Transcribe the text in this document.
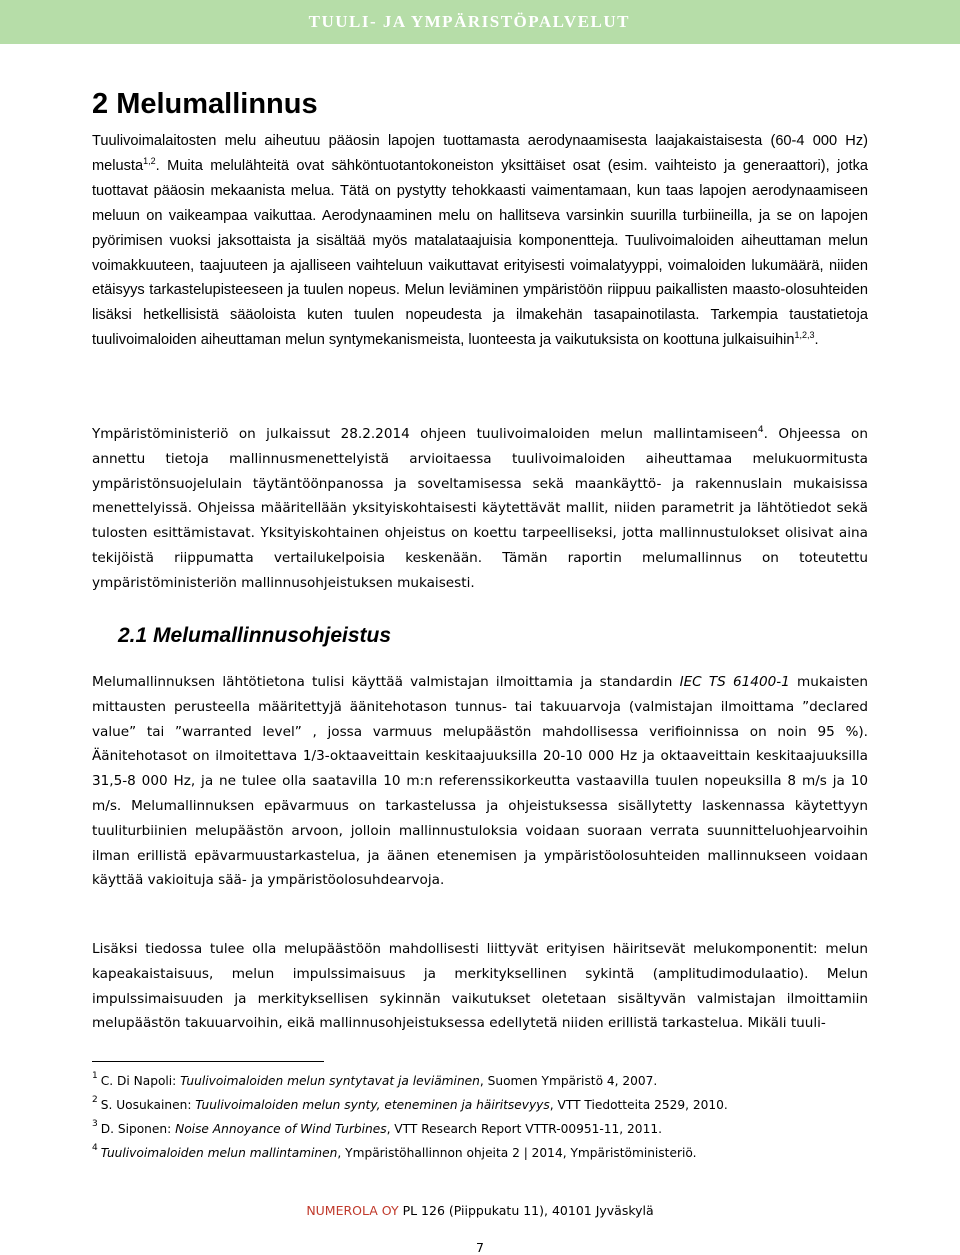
TUULI- JA YMPÄRISTÖPALVELUT
2 Melumallinnus

Tuulivoimalaitosten melu aiheutuu pääosin lapojen tuottamasta aerodynaamisesta laajakaistaisesta (60-4 000 Hz) melusta$^{1,2}$. Muita melulähteitä ovat sähköntuotantokoneiston yksittäiset osat (esim. vaihteisto ja generaattori), jotka tuottavat pääosin mekaanista melua. Tätä on pystytty tehokkaasti vaimentamaan, kun taas lapojen aerodynaamiseen meluun on vaikeampaa vaikuttaa. Aerodynaaminen melu on hallitseva varsinkin suurilla turbiineilla, ja se on lapojen pyörimisen vuoksi jaksottaista ja sisältää myös matalataajuisia komponentteja. Tuulivoimaloiden aiheuttaman melun voimakkuuteen, taajuuteen ja ajalliseen vaihteluun vaikuttavat erityisesti voimalatyyppi, voimaloiden lukumäärä, niiden etäisyys tarkastelupisteeseen ja tuulen nopeus. Melun leviäminen ympäristöön riippuu paikallisten maasto-olosuhteiden lisäksi hetkellisistä sääoloista kuten tuulen nopeudesta ja ilmakehän tasapainotilasta. Tarkempia taustatietoja tuulivoimaloiden aiheuttaman melun syntymekanismeista, luonteesta ja vaikutuksista on koottuna julkaisuihin$^{1,2,3}$.

Ympäristöministeriö on julkaissut 28.2.2014 ohjeen tuulivoimaloiden melun mallintamiseen$^4$. Ohjeessa on annettu tietoja mallinnusmenettelyistä arvioitaessa tuulivoimaloiden aiheuttamaa melukuormitusta ympäristönsuojelulain täytäntöönpanossa ja soveltamisessa sekä maankäyttö- ja rakennuslain mukaisissa menettelyissä. Ohjeissa määritellään yksityiskohtaisesti käytettävät mallit, niiden parametrit ja lähtötiedot sekä tulosten esittämistavat. Yksityiskohtainen ohjeistus on koettu tarpeelliseksi, jotta mallinnustulokset olisivat aina tekijöistä riippumatta vertailukelpoisia keskenään. Tämän raportin melumallinnus on toteutettu ympäristöministeriön mallinnusohjeistuksen mukaisesti.

2.1 Melumallinnusohjeistus

Melumallinnuksen lähtötietona tulisi käyttää valmistajan ilmoittamia ja standardin IEC TS 61400-1 mukaisten mittausten perusteella määritettyjä äänitehotason tunnus- tai takuuarvoja (valmistajan ilmoittama ”declared value” tai ”warranted level” , jossa varmuus melupäästön mahdollisessa verifioinnissa on noin 95 %). Äänitehotasot on ilmoitettava 1/3-oktaaveittain keskitaajuuksilla 20-10 000 Hz ja oktaaveittain keskitaajuuksilla 31,5-8 000 Hz, ja ne tulee olla saatavilla 10 m:n referenssikorkeutta vastaavilla tuulen nopeuksilla 8 m/s ja 10 m/s. Melumallinnuksen epävarmuus on tarkastelussa ja ohjeistuksessa sisällytetty laskennassa käytettyyn tuuliturbiinien melupäästön arvoon, jolloin mallinnustuloksia voidaan suoraan verrata suunnitteluohjearvoihin ilman erillistä epävarmuustarkastelua, ja äänen etenemisen ja ympäristöolosuhteiden mallinnukseen voidaan käyttää vakioituja sää- ja ympäristöolosuhdearvoja.

Lisäksi tiedossa tulee olla melupäästöön mahdollisesti liittyvät erityisen häiritsevät melukomponentit: melun kapeakaistaisuus, melun impulssimaisuus ja merkityksellinen sykintä (amplitudimodulaatio). Melun impulssimaisuuden ja merkityksellisen sykinnän vaikutukset oletetaan sisältyvän valmistajan ilmoittamiin melupäästön takuuarvoihin, eikä mallinnusohjeistuksessa edellytetä niiden erillistä tarkastelua. Mikäli tuuli-

$^1$ C. Di Napoli: Tuulivoimaloiden melun syntytavat ja leviäminen, Suomen Ympäristö 4, 2007.
$^2$ S. Uosukainen: Tuulivoimaloiden melun synty, eteneminen ja häiritsevyys, VTT Tiedotteita 2529, 2010.
$^3$ D. Siponen: Noise Annoyance of Wind Turbines, VTT Research Report VTTR-00951-11, 2011.
$^4$ Tuulivoimaloiden melun mallintaminen, Ympäristöhallinnon ohjeita 2 | 2014, Ympäristöministeriö.
NUMEROLA OY PL 126 (Piippukatu 11), 40101 Jyväskylä
7
